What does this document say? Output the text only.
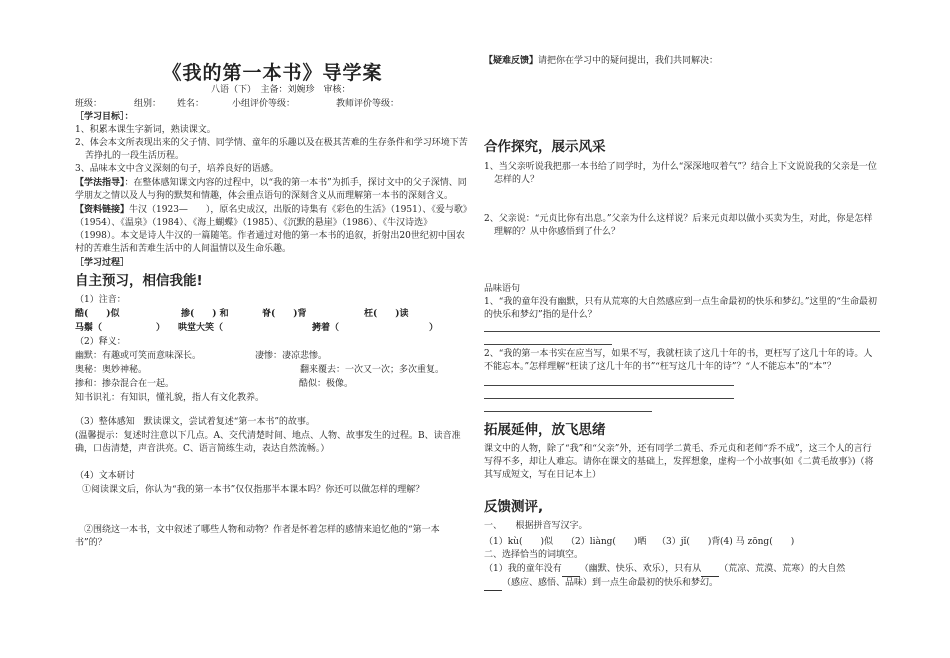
《我的第一本书》导学案
八语（下）　主备：刘婉珍　审核：
班级：	组别： 姓名：	小组评价等级：	教师评价等级：
［学习目标］：
1、积累本课生字新词，熟读课文。
2、体会本文所表现出来的父子情、同学情、童年的乐趣以及在极其苦难的生存条件和学习环境下苦苦挣扎的一段生活历程。
3、品味本文中含义深刻的句子，培养良好的语感。
【学法指导】：在整体感知课文内容的过程中，以“我的第一本书”为抓手，探讨文中的父子深情、同学朋友之情以及人与狗的默契和情趣，体会重点语句的深刻含义从而理解第一本书的深刻含义。
【资料链接】牛汉（1923—　　），原名史成汉，出版的诗集有《彩色的生活》（1951）、《爱与歌》（1954）、《温泉》（1984）、《海上蝴蝶》（1985）、《沉默的悬崖》（1986）、《牛汉诗选》（1998）。本文是诗人牛汉的一篇随笔。作者通过对他的第一本书的追叙，折射出20世纪初中国农村的苦难生活和苦难生活中的人间温情以及生命乐趣。
［学习过程］
自主预习，相信我能!
（1）注音：
酷(　　)似	掺(　　) 和	脊(　　)背	枉(　　)读
马鬃（　　　　　　） 哄堂大笑（　　　　　　　　　　）
拷着（　　　　　　　　　　）
（2）释义：
幽默：有趣或可笑而意味深长。	凄惨：凄凉悲惨。
奥秘：奥妙神秘。	翻来覆去：一次又一次；多次重复。
掺和：掺杂混合在一起。	酷似：极像。
知书识礼：有知识，懂礼貌，指人有文化教养。
（3）整体感知　默读课文，尝试着复述“第一本书”的故事。
(温馨提示：复述时注意以下几点。A、交代清楚时间、地点、人物、故事发生的过程。B、读音准确，口齿清楚，声音洪亮。C、语言简练生动，表达自然流畅。）
（4）文本研讨
①阅读课文后，你认为“我的第一本书”仅仅指那半本课本吗？你还可以做怎样的理解？
②围绕这一本书，文中叙述了哪些人物和动物？作者是怀着怎样的感情来追忆他的“第一本书”的？
【疑难反馈】请把你在学习中的疑问提出，我们共同解决：
合作探究，展示风采
1、当父亲听说我把那一本书给了同学时，为什么“深深地叹着气”？结合上下文说说我的父亲是一位怎样的人？
2、父亲说：“元贞比你有出息。”父亲为什么这样说？后来元贞却以做小买卖为生，对此，你是怎样理解的？从中你感悟到了什么？
品味语句
1、“我的童年没有幽默，只有从荒寒的大自然感应到一点生命最初的快乐和梦幻。”这里的“生命最初的快乐和梦幻”指的是什么？
2、“我的第一本书实在应当写，如果不写，我就枉读了这几十年的书，更枉写了这几十年的诗。人不能忘本。”怎样理解“枉读了这几十年的书”“枉写这几十年的诗”？“人不能忘本”的“本”？
拓展延伸，放飞思绪
课文中的人物，除了“我”和“父亲”外，还有同学二黄毛、乔元贞和老师“乔不成”，这三个人的言行写得不多，却让人难忘。请你在课文的基础上，发挥想象，虚构一个小故事(如《二黄毛故事》)（将其写成短文，写在日记本上）
反馈测评,
一、　　根据拼音写汉字。
（1）kù(　　)似 （2）liàng(　　)晒 （3）jǐ(　　)背 (4) 马 zōng(　　)
二、选择恰当的词填空。
（1）我的童年没有 （幽默、快乐、欢乐），只有从 （荒凉、荒漠、荒寒）的大自然
（感应、感悟、品味）到一点生命最初的快乐和梦幻。
